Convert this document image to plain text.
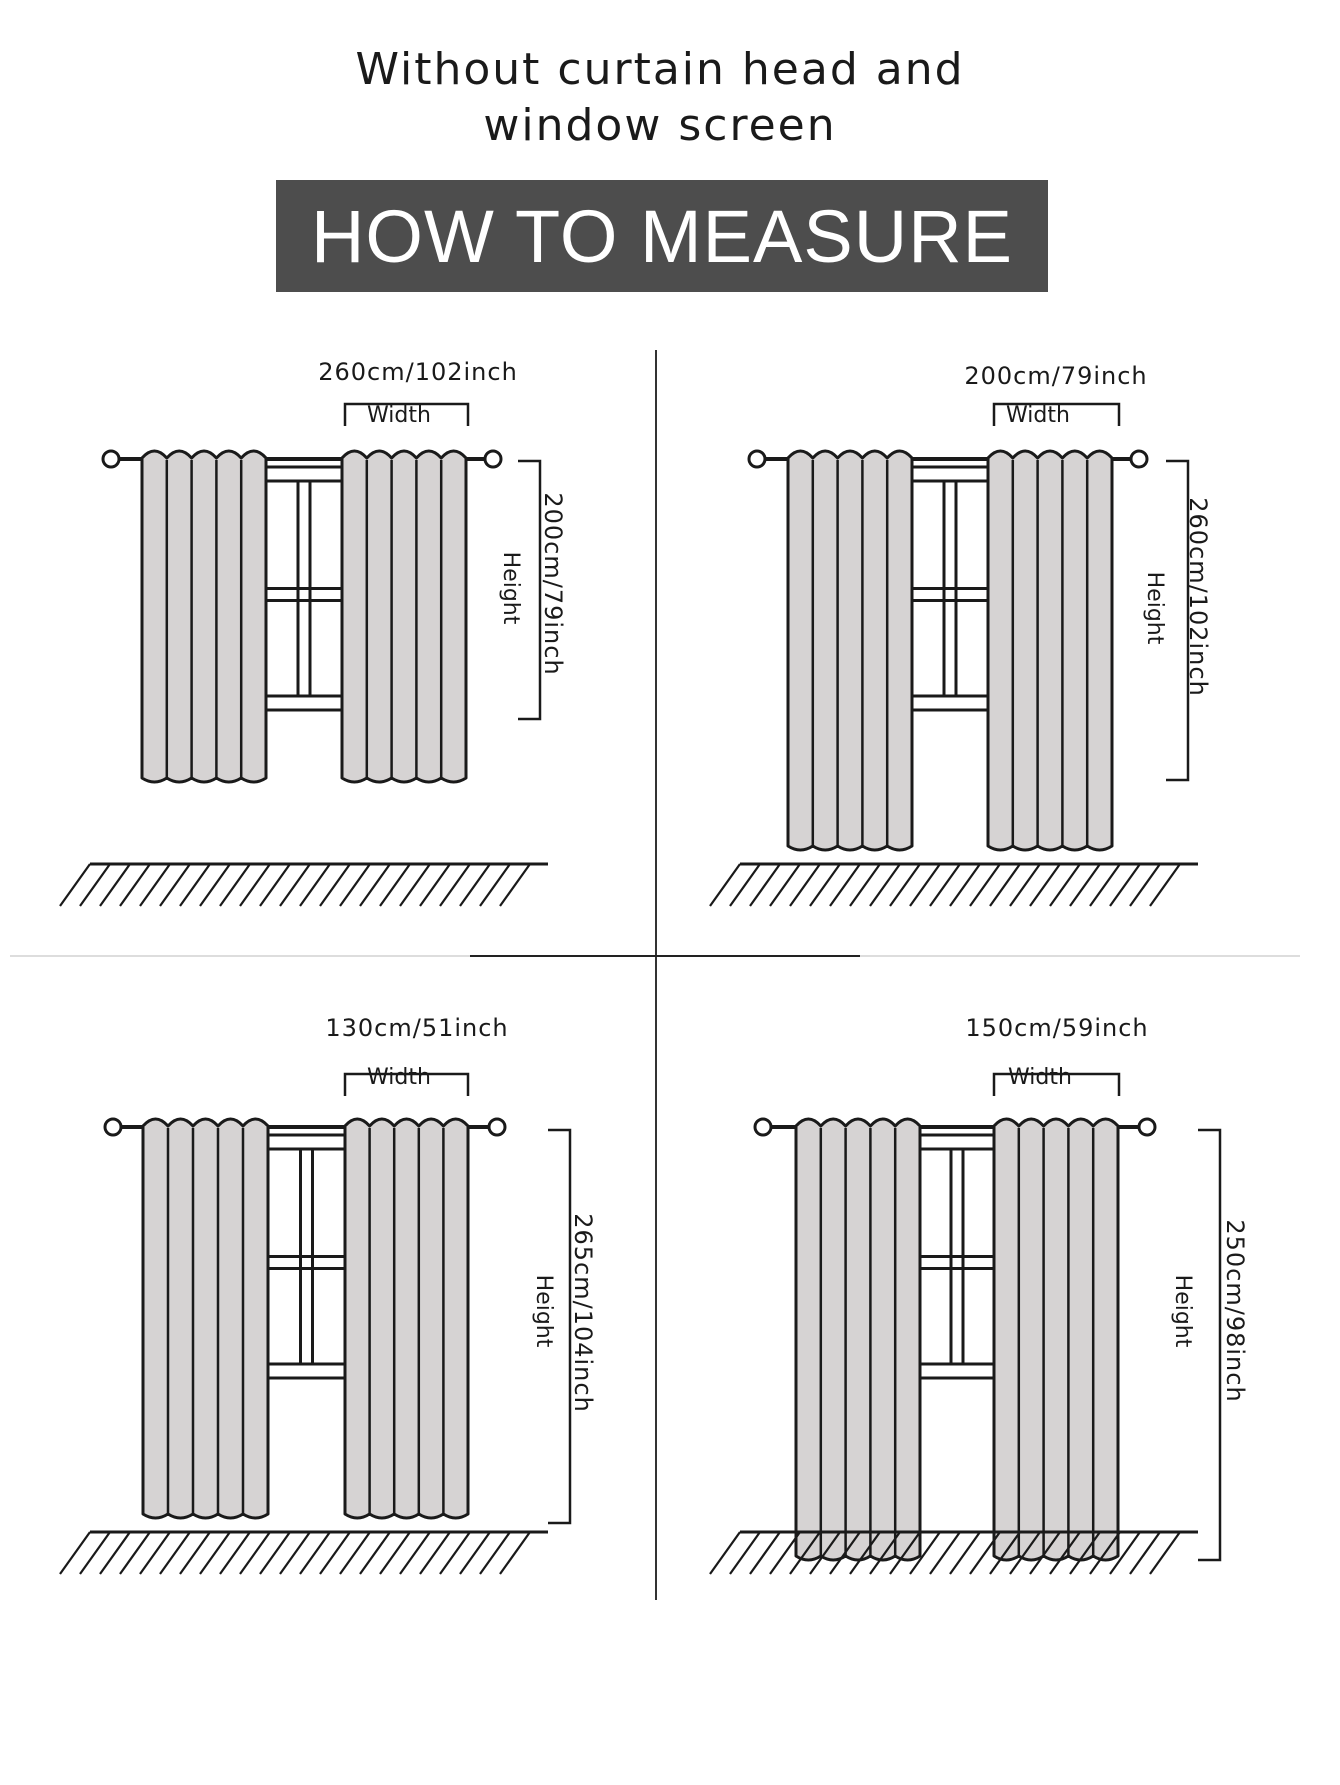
Without curtain head and
window screen
HOW TO MEASURE
260cm/102inch
Width
200cm/79inch
Height
200cm/79inch
Width
260cm/102inch
Height
130cm/51inch
Width
265cm/104inch
Height
150cm/59inch
Width
250cm/98inch
Height
